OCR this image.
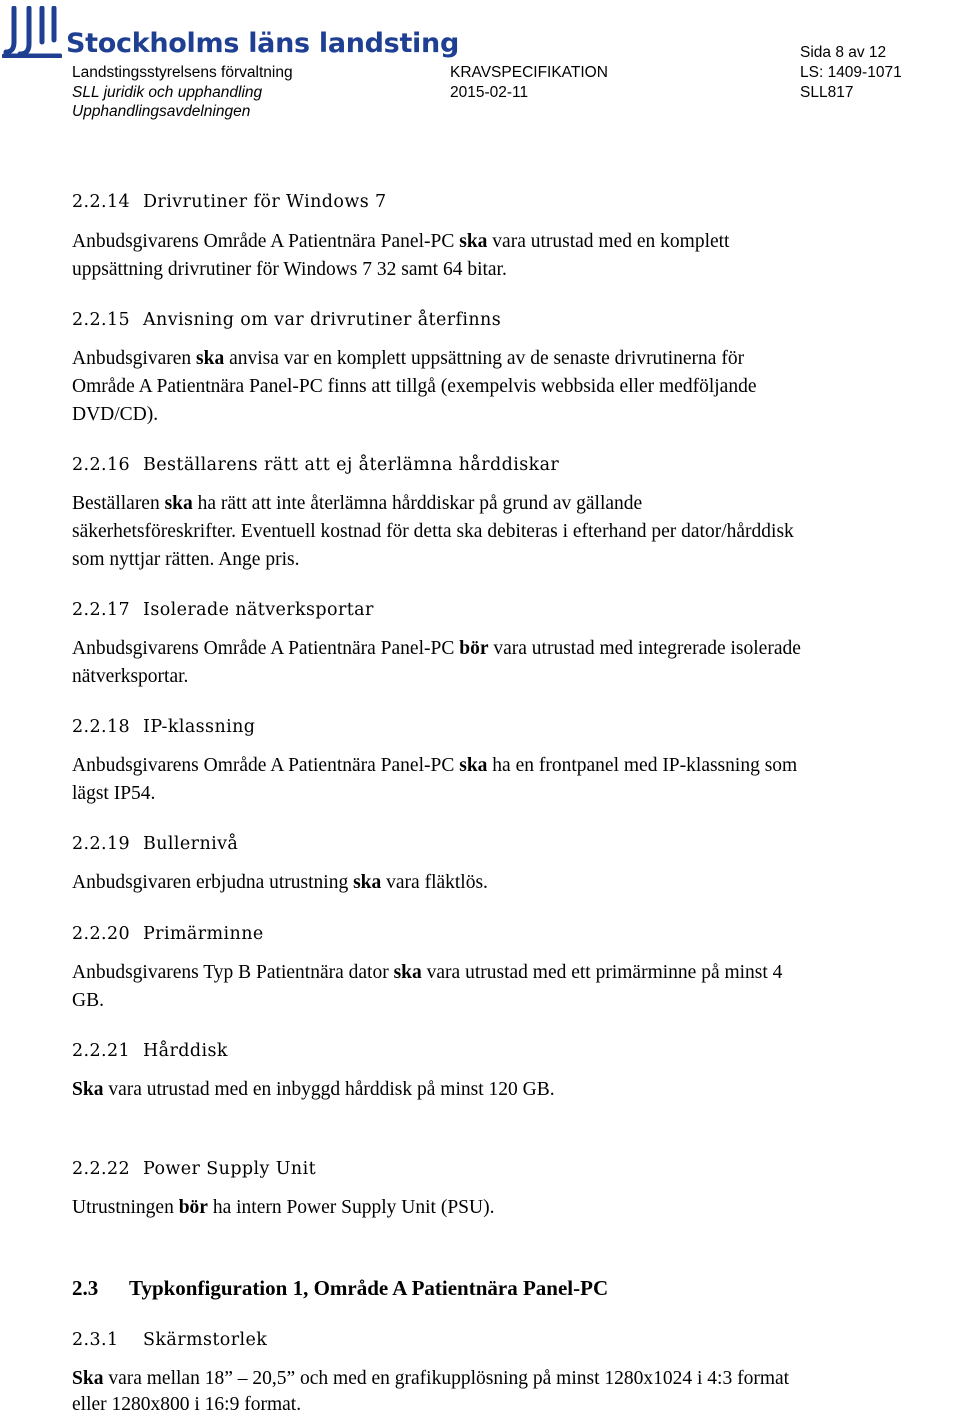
Stockholms läns landsting
Landstingsstyrelsens förvaltning
SLL juridik och upphandling
Upphandlingsavdelningen
KRAVSPECIFIKATION
2015-02-11
Sida 8 av 12
LS: 1409-1071
SLL817
2.2.14 Drivrutiner för Windows 7
Anbudsgivarens Område A Patientnära Panel-PC ska vara utrustad med en komplett
uppsättning drivrutiner för Windows 7 32 samt 64 bitar.
2.2.15 Anvisning om var drivrutiner återfinns
Anbudsgivaren ska anvisa var en komplett uppsättning av de senaste drivrutinerna för
Område A Patientnära Panel-PC finns att tillgå (exempelvis webbsida eller medföljande
DVD/CD).
2.2.16 Beställarens rätt att ej återlämna hårddiskar
Beställaren ska ha rätt att inte återlämna hårddiskar på grund av gällande
säkerhetsföreskrifter. Eventuell kostnad för detta ska debiteras i efterhand per dator/hårddisk
som nyttjar rätten. Ange pris.
2.2.17 Isolerade nätverksportar
Anbudsgivarens Område A Patientnära Panel-PC bör vara utrustad med integrerade isolerade
nätverksportar.
2.2.18 IP-klassning
Anbudsgivarens Område A Patientnära Panel-PC ska ha en frontpanel med IP-klassning som
lägst IP54.
2.2.19 Bullernivå
Anbudsgivaren erbjudna utrustning ska vara fläktlös.
2.2.20 Primärminne
Anbudsgivarens Typ B Patientnära dator ska vara utrustad med ett primärminne på minst 4
GB.
2.2.21 Hårddisk
Ska vara utrustad med en inbyggd hårddisk på minst 120 GB.
2.2.22 Power Supply Unit
Utrustningen bör ha intern Power Supply Unit (PSU).
2.3 Typkonfiguration 1, Område A Patientnära Panel-PC
2.3.1 Skärmstorlek
Ska vara mellan 18” – 20,5” och med en grafikupplösning på minst 1280x1024 i 4:3 format
eller 1280x800 i 16:9 format.
